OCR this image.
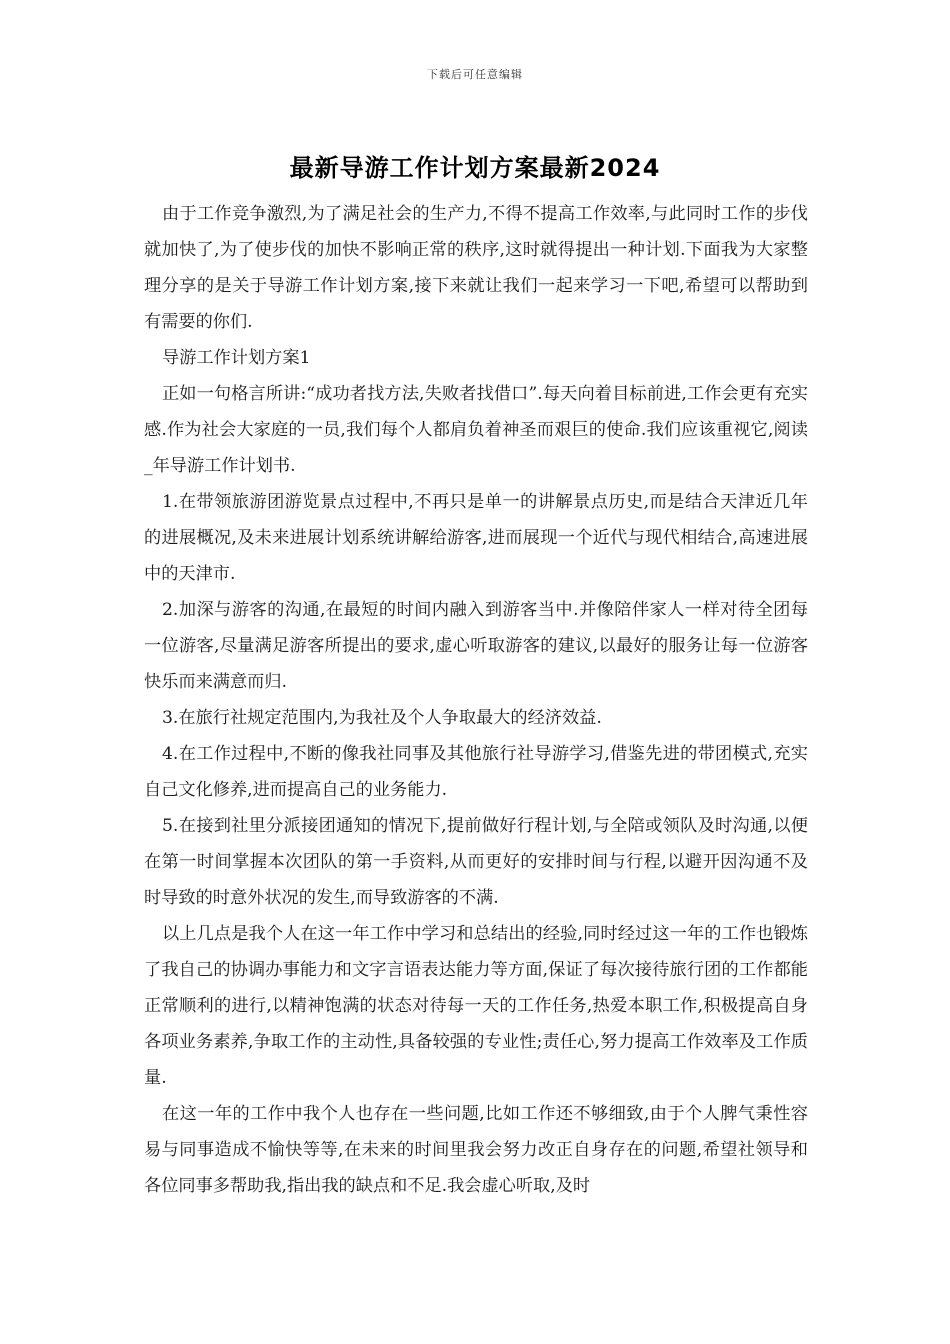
下载后可任意编辑
最新导游工作计划方案最新2024

由于工作竞争激烈,为了满足社会的生产力,不得不提高工作效率,与此同时工作的步伐就加快了,为了使步伐的加快不影响正常的秩序,这时就得提出一种计划.下面我为大家整理分享的是关于导游工作计划方案,接下来就让我们一起来学习一下吧,希望可以帮助到有需要的你们.

导游工作计划方案1

正如一句格言所讲:“成功者找方法,失败者找借口”.每天向着目标前进,工作会更有充实感.作为社会大家庭的一员,我们每个人都肩负着神圣而艰巨的使命.我们应该重视它,阅读_年导游工作计划书.

1.在带领旅游团游览景点过程中,不再只是单一的讲解景点历史,而是结合天津近几年的进展概况,及未来进展计划系统讲解给游客,进而展现一个近代与现代相结合,高速进展中的天津市.

2.加深与游客的沟通,在最短的时间内融入到游客当中.并像陪伴家人一样对待全团每一位游客,尽量满足游客所提出的要求,虚心听取游客的建议,以最好的服务让每一位游客快乐而来满意而归.

3.在旅行社规定范围内,为我社及个人争取最大的经济效益.

4.在工作过程中,不断的像我社同事及其他旅行社导游学习,借鉴先进的带团模式,充实自己文化修养,进而提高自己的业务能力.

5.在接到社里分派接团通知的情况下,提前做好行程计划,与全陪或领队及时沟通,以便在第一时间掌握本次团队的第一手资料,从而更好的安排时间与行程,以避开因沟通不及时导致的时意外状况的发生,而导致游客的不满.

以上几点是我个人在这一年工作中学习和总结出的经验,同时经过这一年的工作也锻炼了我自己的协调办事能力和文字言语表达能力等方面,保证了每次接待旅行团的工作都能正常顺利的进行,以精神饱满的状态对待每一天的工作任务,热爱本职工作,积极提高自身各项业务素养,争取工作的主动性,具备较强的专业性;责任心,努力提高工作效率及工作质量.

在这一年的工作中我个人也存在一些问题,比如工作还不够细致,由于个人脾气秉性容易与同事造成不愉快等等,在未来的时间里我会努力改正自身存在的问题,希望社领导和各位同事多帮助我,指出我的缺点和不足.我会虚心听取,及时
